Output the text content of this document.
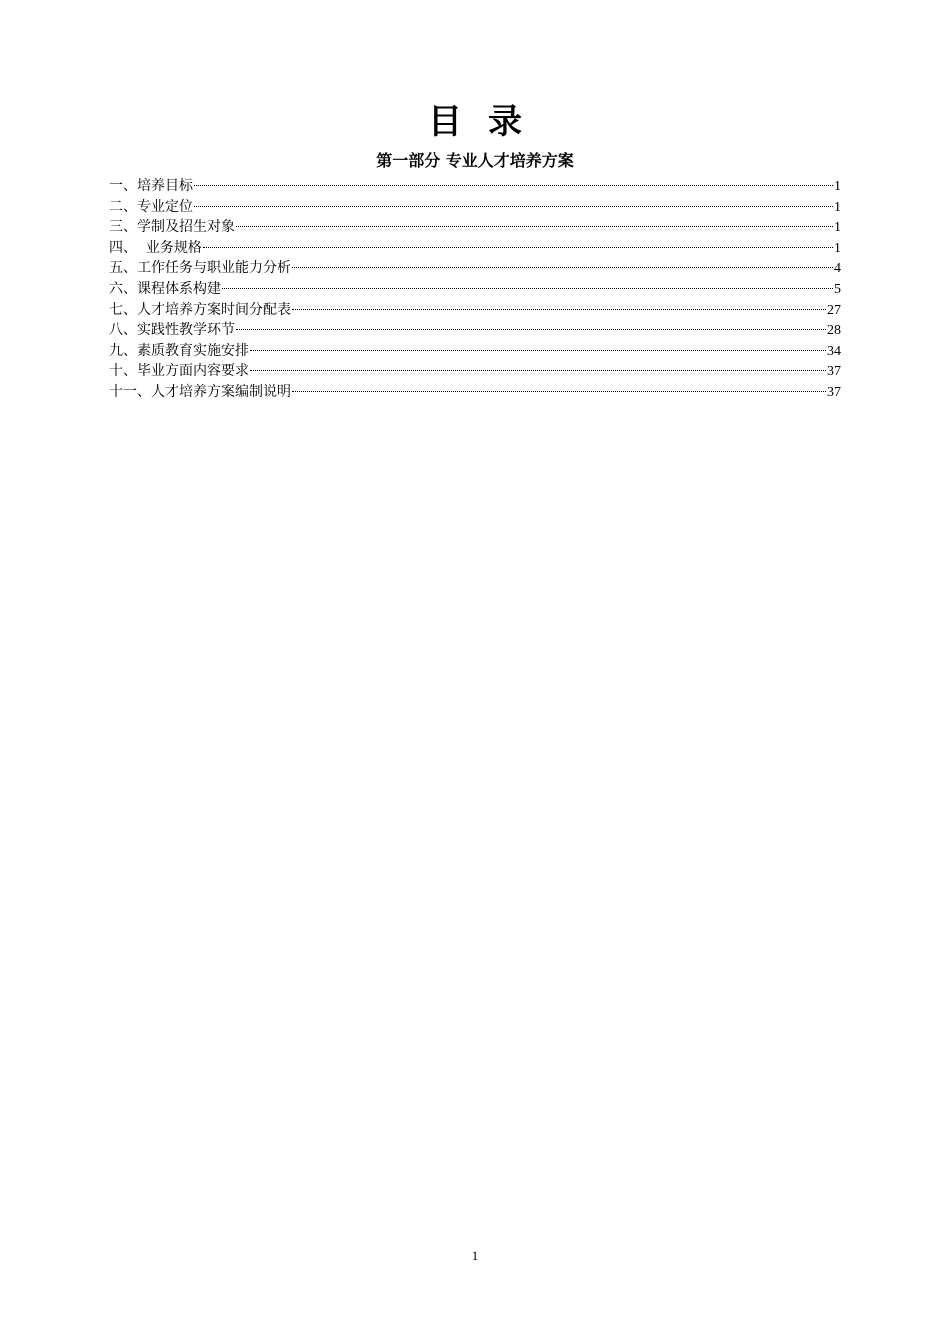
目录
第一部分 专业人才培养方案
一、培养目标	1
二、专业定位	1
三、学制及招生对象	1
四、  业务规格	1
五、工作任务与职业能力分析	4
六、课程体系构建	5
七、人才培养方案时间分配表	27
八、实践性教学环节	28
九、素质教育实施安排	34
十、毕业方面内容要求	37
十一、人才培养方案编制说明	37
1
